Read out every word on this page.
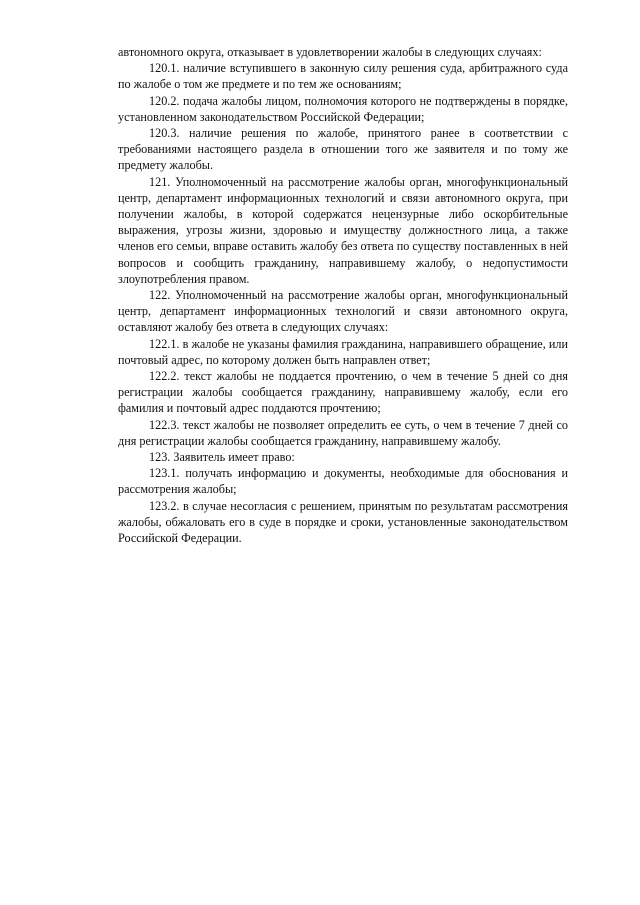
автономного округа, отказывает в удовлетворении жалобы в следующих случаях:

120.1. наличие вступившего в законную силу решения суда, арбитражного суда по жалобе о том же предмете и по тем же основаниям;

120.2. подача жалобы лицом, полномочия которого не подтверждены в порядке, установленном законодательством Российской Федерации;

120.3. наличие решения по жалобе, принятого ранее в соответствии с требованиями настоящего раздела в отношении того же заявителя и по тому же предмету жалобы.

121. Уполномоченный на рассмотрение жалобы орган, многофункциональный центр, департамент информационных технологий и связи автономного округа, при получении жалобы, в которой содержатся нецензурные либо оскорбительные выражения, угрозы жизни, здоровью и имуществу должностного лица, а также членов его семьи, вправе оставить жалобу без ответа по существу поставленных в ней вопросов и сообщить гражданину, направившему жалобу, о недопустимости злоупотребления правом.

122. Уполномоченный на рассмотрение жалобы орган, многофункциональный центр, департамент информационных технологий и связи автономного округа, оставляют жалобу без ответа в следующих случаях:

122.1. в жалобе не указаны фамилия гражданина, направившего обращение, или почтовый адрес, по которому должен быть направлен ответ;

122.2. текст жалобы не поддается прочтению, о чем в течение 5 дней со дня регистрации жалобы сообщается гражданину, направившему жалобу, если его фамилия и почтовый адрес поддаются прочтению;

122.3. текст жалобы не позволяет определить ее суть, о чем в течение 7 дней со дня регистрации жалобы сообщается гражданину, направившему жалобу.

123. Заявитель имеет право:

123.1. получать информацию и документы, необходимые для обоснования и рассмотрения жалобы;

123.2. в случае несогласия с решением, принятым по результатам рассмотрения жалобы, обжаловать его в суде в порядке и сроки, установленные законодательством Российской Федерации.
